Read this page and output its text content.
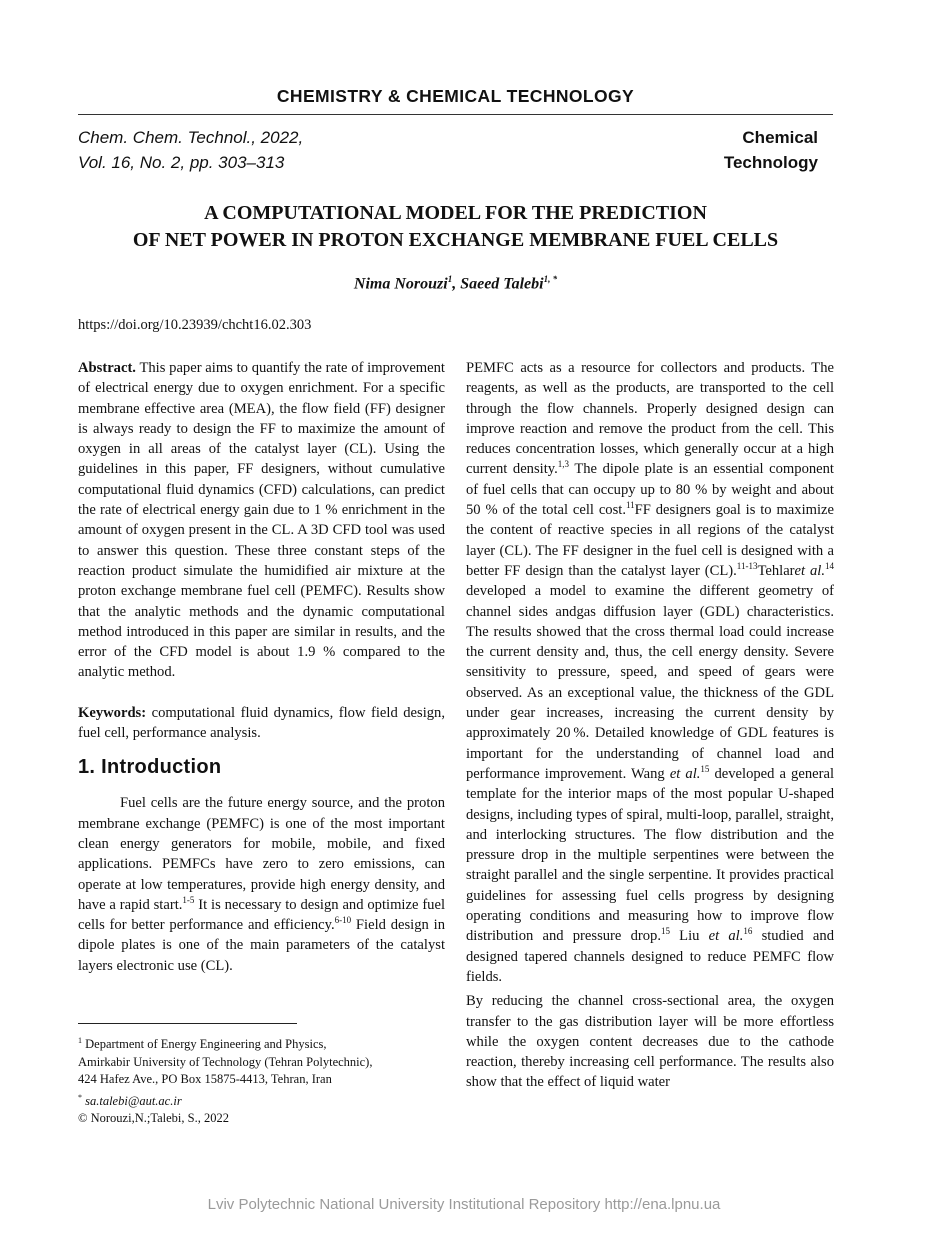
CHEMISTRY & CHEMICAL TECHNOLOGY
Chem. Chem. Technol., 2022,
Vol. 16, No. 2, pp. 303–313
Chemical
Technology
A COMPUTATIONAL MODEL FOR THE PREDICTION
OF NET POWER IN PROTON EXCHANGE MEMBRANE FUEL CELLS
Nima Norouzi$^1$, Saeed Talebi$^{1, *}$
https://doi.org/10.23939/chcht16.02.303

Abstract. This paper aims to quantify the rate of improvement of electrical energy due to oxygen enrichment. For a specific membrane effective area (MEA), the flow field (FF) designer is always ready to design the FF to maximize the amount of oxygen in all areas of the catalyst layer (CL). Using the guidelines in this paper, FF designers, without cumulative computational fluid dynamics (CFD) calculations, can predict the rate of electrical energy gain due to 1 % enrichment in the amount of oxygen present in the CL. A 3D CFD tool was used to answer this question. These three constant steps of the reaction product simulate the humidified air mixture at the proton exchange membrane fuel cell (PEMFC). Results show that the analytic methods and the dynamic computational method introduced in this paper are similar in results, and the error of the CFD model is about 1.9 % compared to the analytic method.

Keywords: computational fluid dynamics, flow field design, fuel cell, performance analysis.

1. Introduction

Fuel cells are the future energy source, and the proton membrane exchange (PEMFC) is one of the most important clean energy generators for mobile, mobile, and fixed applications. PEMFCs have zero to zero emissions, can operate at low temperatures, provide high energy density, and have a rapid start.$^{1-5}$ It is necessary to design and optimize fuel cells for better performance and efficiency.$^{6-10}$ Field design in dipole plates is one of the main parameters of the catalyst layers electronic use (CL).

PEMFC acts as a resource for collectors and products. The reagents, as well as the products, are transported to the cell through the flow channels. Properly designed design can improve reaction and remove the product from the cell. This reduces concentration losses, which generally occur at a high current density.$^{1,3}$ The dipole plate is an essential component of fuel cells that can occupy up to 80 % by weight and about 50 % of the total cell cost.$^{11}$FF designers goal is to maximize the content of reactive species in all regions of the catalyst layer (CL). The FF designer in the fuel cell is designed with a better FF design than the catalyst layer (CL).$^{11-13}$Tehlaret al.$^{14}$ developed a model to examine the different geometry of channel sides andgas diffusion layer (GDL) characteristics. The results showed that the cross thermal load could increase the current density and, thus, the cell energy density. Severe sensitivity to pressure, speed, and speed of gears were observed. As an exceptional value, the thickness of the GDL under gear increases, increasing the current density by approximately 20 %. Detailed knowledge of GDL features is important for the understanding of channel load and performance improvement. Wang et al.$^{15}$ developed a general template for the interior maps of the most popular U-shaped designs, including types of spiral, multi-loop, parallel, straight, and interlocking structures. The flow distribution and the pressure drop in the multiple serpentines were between the straight parallel and the single serpentine. It provides practical guidelines for assessing fuel cells progress by designing operating conditions and measuring how to improve flow distribution and pressure drop.$^{15}$ Liu et al.$^{16}$ studied and designed tapered channels designed to reduce PEMFC flow fields.

By reducing the channel cross-sectional area, the oxygen transfer to the gas distribution layer will be more effortless while the oxygen content decreases due to the cathode reaction, thereby increasing cell performance. The results also show that the effect of liquid water

$^1$ Department of Energy Engineering and Physics,
Amirkabir University of Technology (Tehran Polytechnic),
424 Hafez Ave., PO Box 15875-4413, Tehran, Iran
* sa.talebi@aut.ac.ir
© Norouzi,N.;Talebi, S., 2022
Lviv Polytechnic National University Institutional Repository http://ena.lpnu.ua
